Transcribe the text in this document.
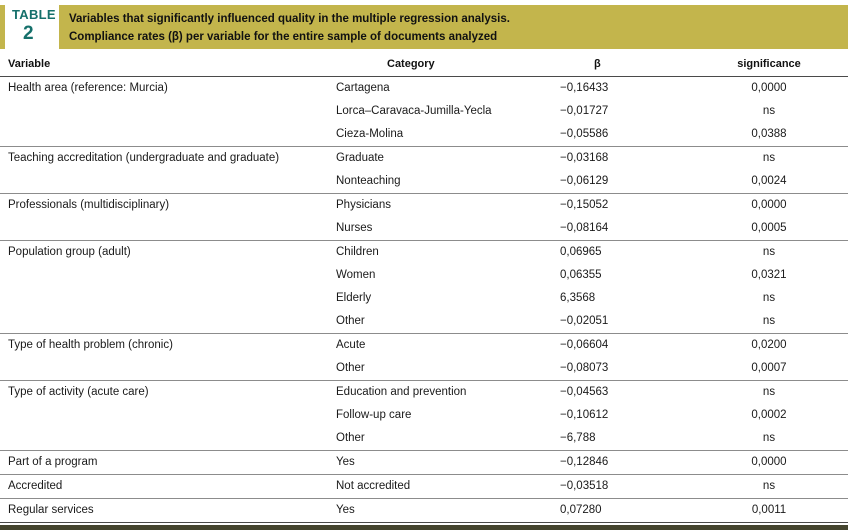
TABLE
2
Variables that significantly influenced quality in the multiple regression analysis.
Compliance rates (β) per variable for the entire sample of documents analyzed
Variable	Category	β	significance
Health area (reference: Murcia)	Cartagena	−0,16433	0,0000
	Lorca–Caravaca-Jumilla-Yecla	−0,01727	ns
	Cieza-Molina	−0,05586	0,0388
Teaching accreditation (undergraduate and graduate)	Graduate	−0,03168	ns
	Nonteaching	−0,06129	0,0024
Professionals (multidisciplinary)	Physicians	−0,15052	0,0000
	Nurses	−0,08164	0,0005
Population group (adult)	Children	0,06965	ns
	Women	0,06355	0,0321
	Elderly	6,3568	ns
	Other	−0,02051	ns
Type of health problem (chronic)	Acute	−0,06604	0,0200
	Other	−0,08073	0,0007
Type of activity (acute care)	Education and prevention	−0,04563	ns
	Follow-up care	−0,10612	0,0002
	Other	−6,788	ns
Part of a program	Yes	−0,12846	0,0000
Accredited	Not accredited	−0,03518	ns
Regular services	Yes	0,07280	0,0011
